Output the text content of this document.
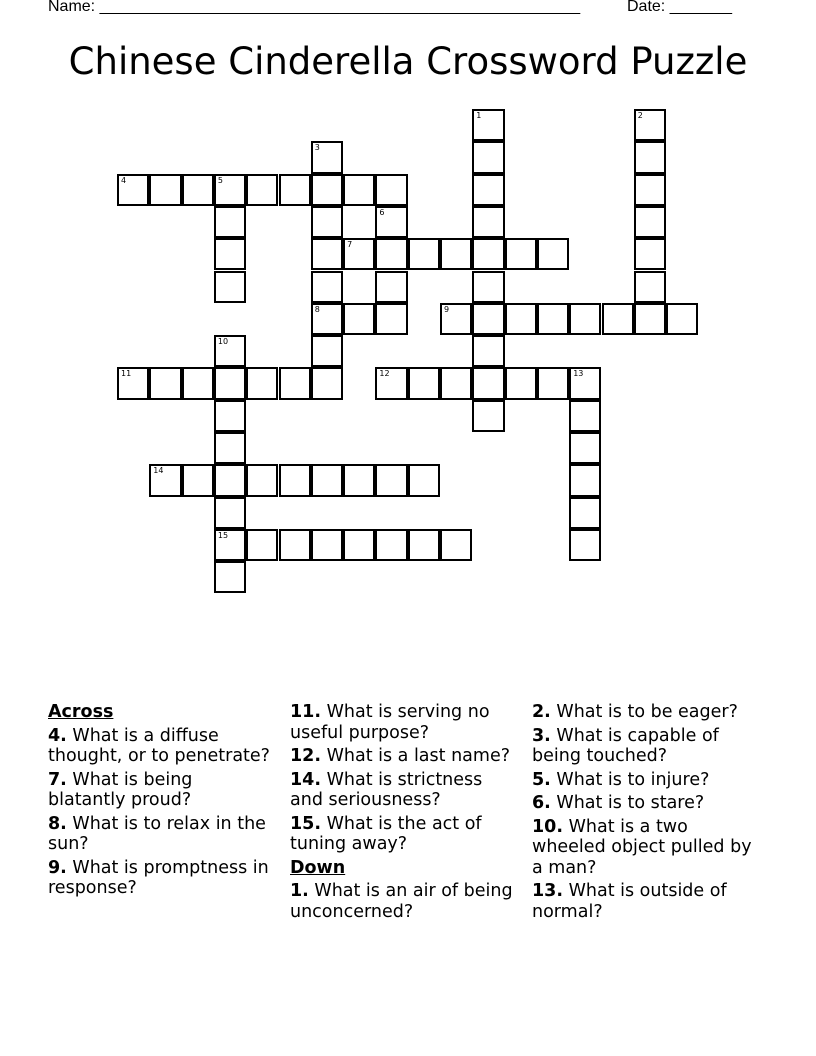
Name: ______________________________________________________	Date: _______
Chinese Cinderella Crossword Puzzle
1	2
3
4	5
6
7
8	9
10
11	12	13
14
15
Across
4. What is a diffuse thought, or to penetrate?
7. What is being blatantly proud?
8. What is to relax in the sun?
9. What is promptness in response?
11. What is serving no useful purpose?
12. What is a last name?
14. What is strictness and seriousness?
15. What is the act of tuning away?
Down
1. What is an air of being unconcerned?
2. What is to be eager?
3. What is capable of being touched?
5. What is to injure?
6. What is to stare?
10. What is a two wheeled object pulled by a man?
13. What is outside of normal?
